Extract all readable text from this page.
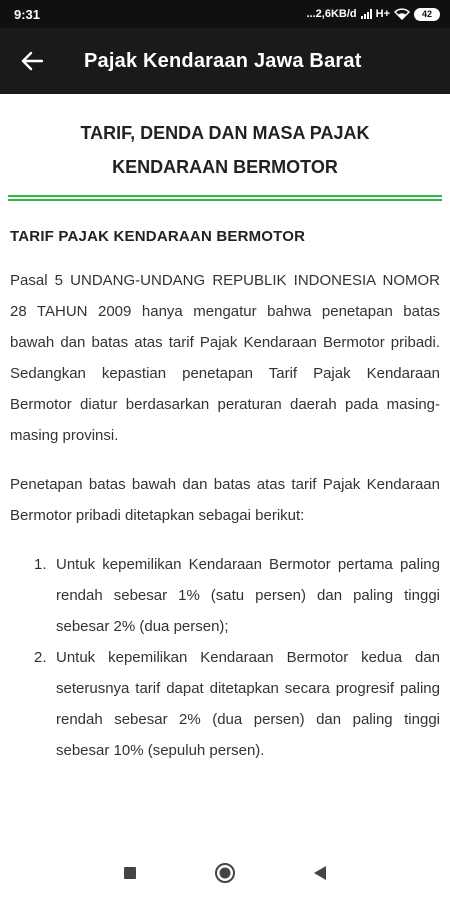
9:31	...2,6KB/d H+	42
Pajak Kendaraan Jawa Barat
TARIF, DENDA DAN MASA PAJAK
KENDARAAN BERMOTOR
TARIF PAJAK KENDARAAN BERMOTOR

Pasal 5 UNDANG-UNDANG REPUBLIK INDONESIA NOMOR 28 TAHUN 2009 hanya mengatur bahwa penetapan batas bawah dan batas atas tarif Pajak Kendaraan Bermotor pribadi. Sedangkan kepastian penetapan Tarif Pajak Kendaraan Bermotor diatur berdasarkan peraturan daerah pada masing-masing provinsi.

Penetapan batas bawah dan batas atas tarif Pajak Kendaraan Bermotor pribadi ditetapkan sebagai berikut:

1. Untuk kepemilikan Kendaraan Bermotor pertama paling rendah sebesar 1% (satu persen) dan paling tinggi sebesar 2% (dua persen);
2. Untuk kepemilikan Kendaraan Bermotor kedua dan seterusnya tarif dapat ditetapkan secara progresif paling rendah sebesar 2% (dua persen) dan paling tinggi sebesar 10% (sepuluh persen).
